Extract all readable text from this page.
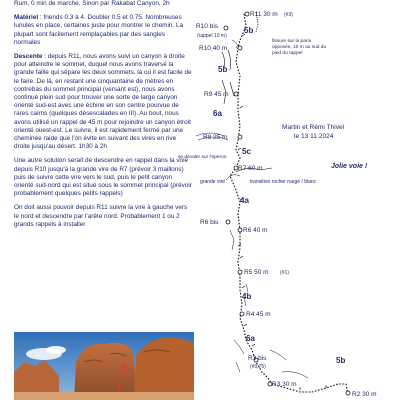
Rum, 0 min de marche. Sinon par Rakabat Canyon, 2h

Matériel : friends 0.3 à 4. Doubler 0.5 et 0.75. Nombreuses lunules en place, certaines juste pour montrer le chemin. La plupart sont facilement remplaçables par des sangles normales

Descente : depuis R11, nous avons suivi un canyon à droite pour atteindre le sommet, duquel nous avons traversé la grande faille qui sépare les deux sommets, là où il est facile de le faire. De là, en restant une cinquantaine de mètres en contrebas du sommet principal (versant est), nous avons continué plein sud pour trouver une sorte de large canyon orienté sud-est avec une échine en son centre pourvue de rares cairns (quelques désescalades en III). Au bout, nous avons utilisé un rappel de 45 m pour rejoindre un canyon étroit orienté ouest-est. Le suivre, il est rapidement fermé par une cheminée raide que l'on évite en suivant des vires en rive droite jusqu'au désert. 1h30 à 2h

Une autre solution serait de descendre en rappel dans la voie depuis R10 jusqu'à la grande vire de R7 (prévoir 3 maillons) puis de suivre cette vire vers le sud, puis le petit canyon orienté sud-nord qui est situé sous le sommet principal (prévoir probablement quelques petits rappels)

On doit aussi pouvoir depuis R11 suivre la vire à gauche vers le nord et descendre par l'arête nord. Probablement 1 ou 2 grands rappels à installer

Martin et Rémi Thivel
le 13 11 2024
Jolie voie !
R11 30 m (#3)
R10 bis
(rappel 10 m)
R10 40 m
R9 45 m
R8 25 m
R7 60 m
R6 bis
R6 40 m
R5 50 m (#1)
R4 45 m
R3 bis
(#0,75)
R3 30 m
R2 30 m
5b
5b
6a
5c
4a
4b
6a
5b
fissure sur la paroi opposée, 10 m au sud du pied du rappel
se décaler sur l'éperon
grande vire	transition rocher rougé / blanc
